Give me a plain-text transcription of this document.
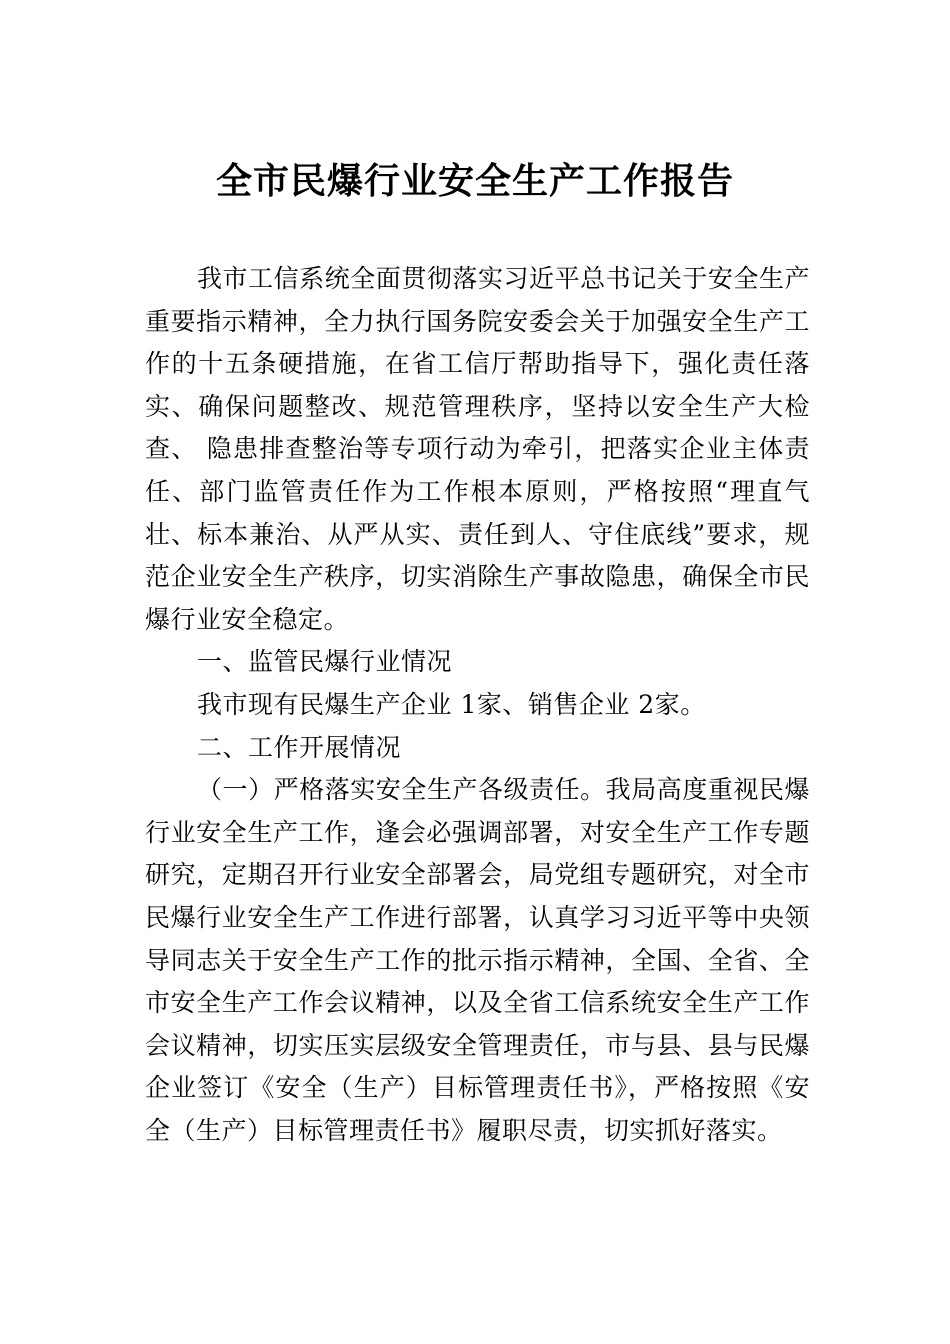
全市民爆行业安全生产工作报告

我市工信系统全面贯彻落实习近平总书记关于安全生产重要指示精神，全力执行国务院安委会关于加强安全生产工作的十五条硬措施，在省工信厅帮助指导下，强化责任落实、确保问题整改、规范管理秩序，坚持以安全生产大检查、 隐患排查整治等专项行动为牵引，把落实企业主体责任、部门监管责任作为工作根本原则，严格按照“理直气壮、标本兼治、从严从实、责任到人、守住底线”要求，规范企业安全生产秩序，切实消除生产事故隐患，确保全市民爆行业安全稳定。

一、监管民爆行业情况

我市现有民爆生产企业 1家、销售企业 2家。

二、工作开展情况

（一）严格落实安全生产各级责任。我局高度重视民爆行业安全生产工作，逢会必强调部署，对安全生产工作专题研究，定期召开行业安全部署会，局党组专题研究，对全市民爆行业安全生产工作进行部署，认真学习习近平等中央领导同志关于安全生产工作的批示指示精神，全国、全省、全市安全生产工作会议精神，以及全省工信系统安全生产工作会议精神，切实压实层级安全管理责任，市与县、县与民爆企业签订《安全（生产）目标管理责任书》，严格按照《安全（生产）目标管理责任书》履职尽责，切实抓好落实。
